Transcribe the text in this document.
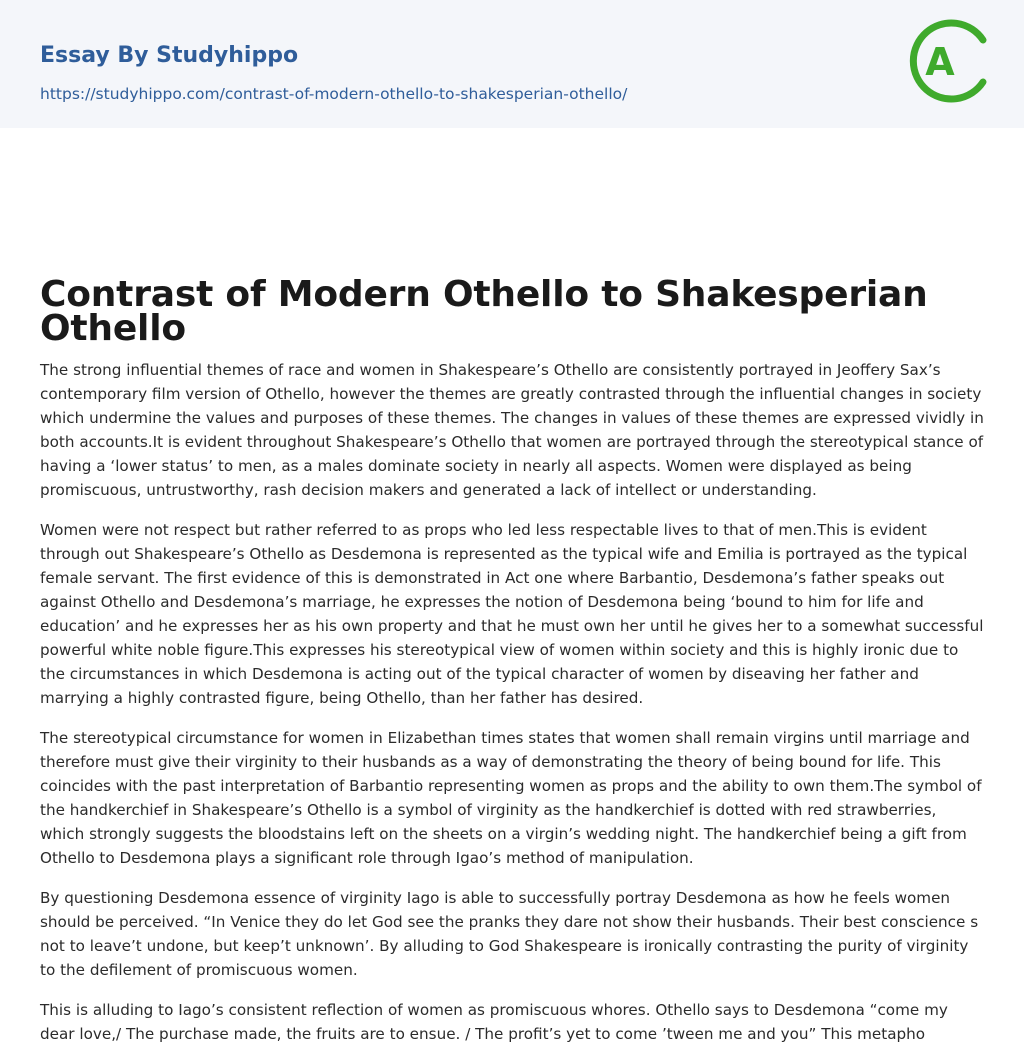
Essay By Studyhippo
https://studyhippo.com/contrast-of-modern-othello-to-shakesperian-othello/
A
Contrast of Modern Othello to Shakesperian Othello

The strong influential themes of race and women in Shakespeare’s Othello are consistently portrayed in Jeoffery Sax’s contemporary film version of Othello, however the themes are greatly contrasted through the influential changes in society which undermine the values and purposes of these themes. The changes in values of these themes are expressed vividly in both accounts.It is evident throughout Shakespeare’s Othello that women are portrayed through the stereotypical stance of having a ‘lower status’ to men, as a males dominate society in nearly all aspects. Women were displayed as being promiscuous, untrustworthy, rash decision makers and generated a lack of intellect or understanding.

Women were not respect but rather referred to as props who led less respectable lives to that of men.This is evident through out Shakespeare’s Othello as Desdemona is represented as the typical wife and Emilia is portrayed as the typical female servant. The first evidence of this is demonstrated in Act one where Barbantio, Desdemona’s father speaks out against Othello and Desdemona’s marriage, he expresses the notion of Desdemona being ‘bound to him for life and education’ and he expresses her as his own property and that he must own her until he gives her to a somewhat successful powerful white noble figure.This expresses his stereotypical view of women within society and this is highly ironic due to the circumstances in which Desdemona is acting out of the typical character of women by diseaving her father and marrying a highly contrasted figure, being Othello, than her father has desired.

The stereotypical circumstance for women in Elizabethan times states that women shall remain virgins until marriage and therefore must give their virginity to their husbands as a way of demonstrating the theory of being bound for life. This coincides with the past interpretation of Barbantio representing women as props and the ability to own them.The symbol of the handkerchief in Shakespeare’s Othello is a symbol of virginity as the handkerchief is dotted with red strawberries, which strongly suggests the bloodstains left on the sheets on a virgin’s wedding night. The handkerchief being a gift from Othello to Desdemona plays a significant role through Igao’s method of manipulation.

By questioning Desdemona essence of virginity Iago is able to successfully portray Desdemona as how he feels women should be perceived. “In Venice they do let God see the pranks they dare not show their husbands. Their best conscience s not to leave’t undone, but keep’t unknown’. By alluding to God Shakespeare is ironically contrasting the purity of virginity to the defilement of promiscuous women.

This is alluding to Iago’s consistent reflection of women as promiscuous whores. Othello says to Desdemona “come my dear love,/ The purchase made, the fruits are to ensue. / The profit’s yet to come ’tween me and you” This metapho
